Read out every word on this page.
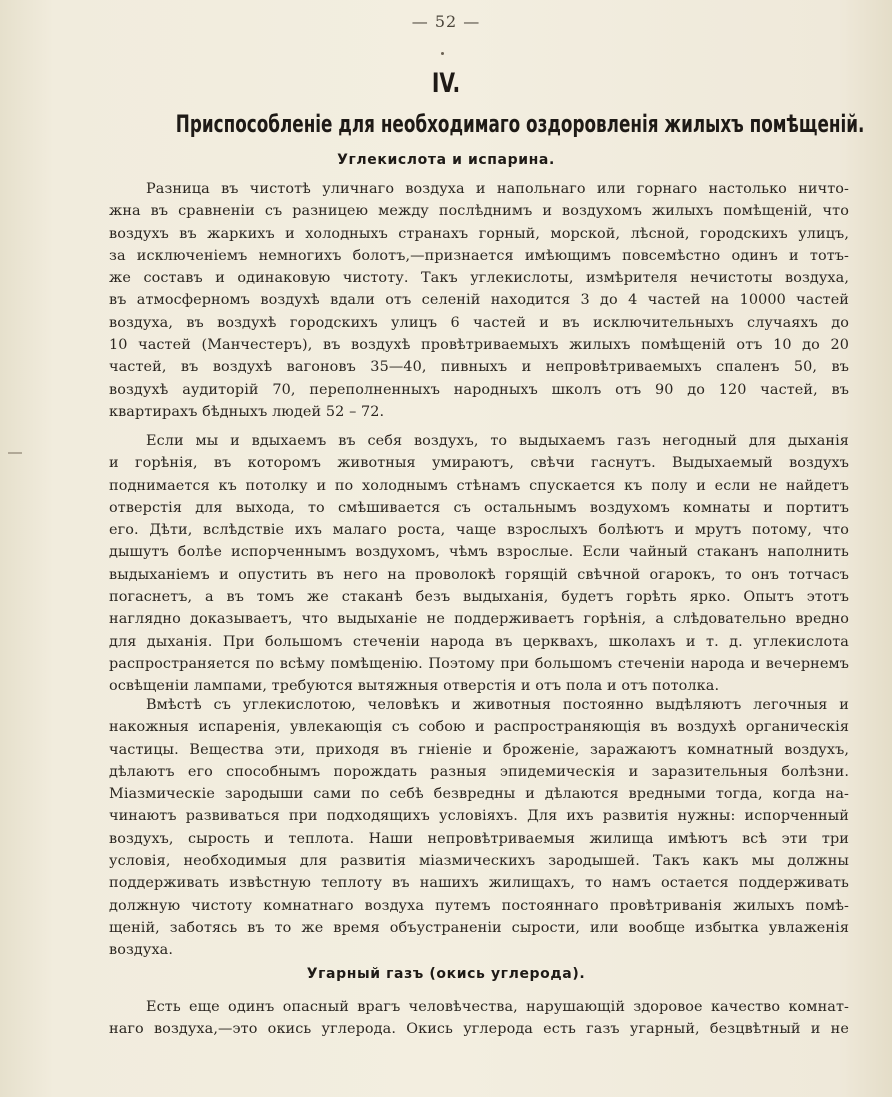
— 52 —
IV.
Приспособленіе для необходимаго оздоровленія жилыхъ помѣщеній.
Углекислота и испарина.
Разница въ чистотѣ уличнаго воздуха и напольнаго или горнаго настолько ничто-
жна въ сравненіи съ разницею между послѣднимъ и воздухомъ жилыхъ помѣщеній, что
воздухъ въ жаркихъ и холодныхъ странахъ горный, морской, лѣсной, городскихъ улицъ,
за исключеніемъ немногихъ болотъ,—признается имѣющимъ повсемѣстно одинъ и тотъ-
же составъ и одинаковую чистоту. Такъ углекислоты, измѣрителя нечистоты воздуха,
въ атмосферномъ воздухѣ вдали отъ селеній находится 3 до 4 частей на 10000 частей
воздуха, въ воздухѣ городскихъ улицъ 6 частей и въ исключительныхъ случаяхъ до
10 частей (Манчестеръ), въ воздухѣ провѣтриваемыхъ жилыхъ помѣщеній отъ 10 до 20
частей, въ воздухѣ вагоновъ 35—40, пивныхъ и непровѣтриваемыхъ спаленъ 50, въ
воздухѣ аудиторій 70, переполненныхъ народныхъ школъ отъ 90 до 120 частей, въ
квартирахъ бѣдныхъ людей 52 – 72.
Если мы и вдыхаемъ въ себя воздухъ, то выдыхаемъ газъ негодный для дыханія
и горѣнія, въ которомъ животныя умираютъ, свѣчи гаснутъ. Выдыхаемый воздухъ
поднимается къ потолку и по холоднымъ стѣнамъ спускается къ полу и если не найдетъ
отверстія для выхода, то смѣшивается съ остальнымъ воздухомъ комнаты и портитъ
его. Дѣти, вслѣдствіе ихъ малаго роста, чаще взрослыхъ болѣютъ и мрутъ потому, что
дышутъ болѣе испорченнымъ воздухомъ, чѣмъ взрослые. Если чайный стаканъ наполнить
выдыханіемъ и опустить въ него на проволокѣ горящій свѣчной огарокъ, то онъ тотчасъ
погаснетъ, а въ томъ же стаканѣ безъ выдыханія, будетъ горѣть ярко. Опытъ этотъ
наглядно доказываетъ, что выдыханіе не поддерживаетъ горѣнія, а слѣдовательно вредно
для дыханія. При большомъ стеченіи народа въ церквахъ, школахъ и т. д. углекислота
распространяется по всѣму помѣщенію. Поэтому при большомъ стеченіи народа и вечернемъ
освѣщеніи лампами, требуются вытяжныя отверстія и отъ пола и отъ потолка.
Вмѣстѣ съ углекислотою, человѣкъ и животныя постоянно выдѣляютъ легочныя и
накожныя испаренія, увлекающія съ собою и распространяющія въ воздухѣ органическія
частицы. Вещества эти, приходя въ гніеніе и броженіе, заражаютъ комнатный воздухъ,
дѣлаютъ его способнымъ порождать разныя эпидемическія и заразительныя болѣзни.
Міазмическіе зародыши сами по себѣ безвредны и дѣлаются вредными тогда, когда на-
чинаютъ развиваться при подходящихъ условіяхъ. Для ихъ развитія нужны: испорченный
воздухъ, сырость и теплота. Наши непровѣтриваемыя жилища имѣютъ всѣ эти три
условія, необходимыя для развитія міазмическихъ зародышей. Такъ какъ мы должны
поддерживать извѣстную теплоту въ нашихъ жилищахъ, то намъ остается поддерживать
должную чистоту комнатнаго воздуха путемъ постояннаго провѣтриванія жилыхъ помѣ-
щеній, заботясь въ то же время объустраненіи сырости, или вообще избытка увлаженія
воздуха.
Угарный газъ (окись углерода).
Есть еще одинъ опасный врагъ человѣчества, нарушающій здоровое качество комнат-
наго воздуха,—это окись углерода. Окись углерода есть газъ угарный, безцвѣтный и не
